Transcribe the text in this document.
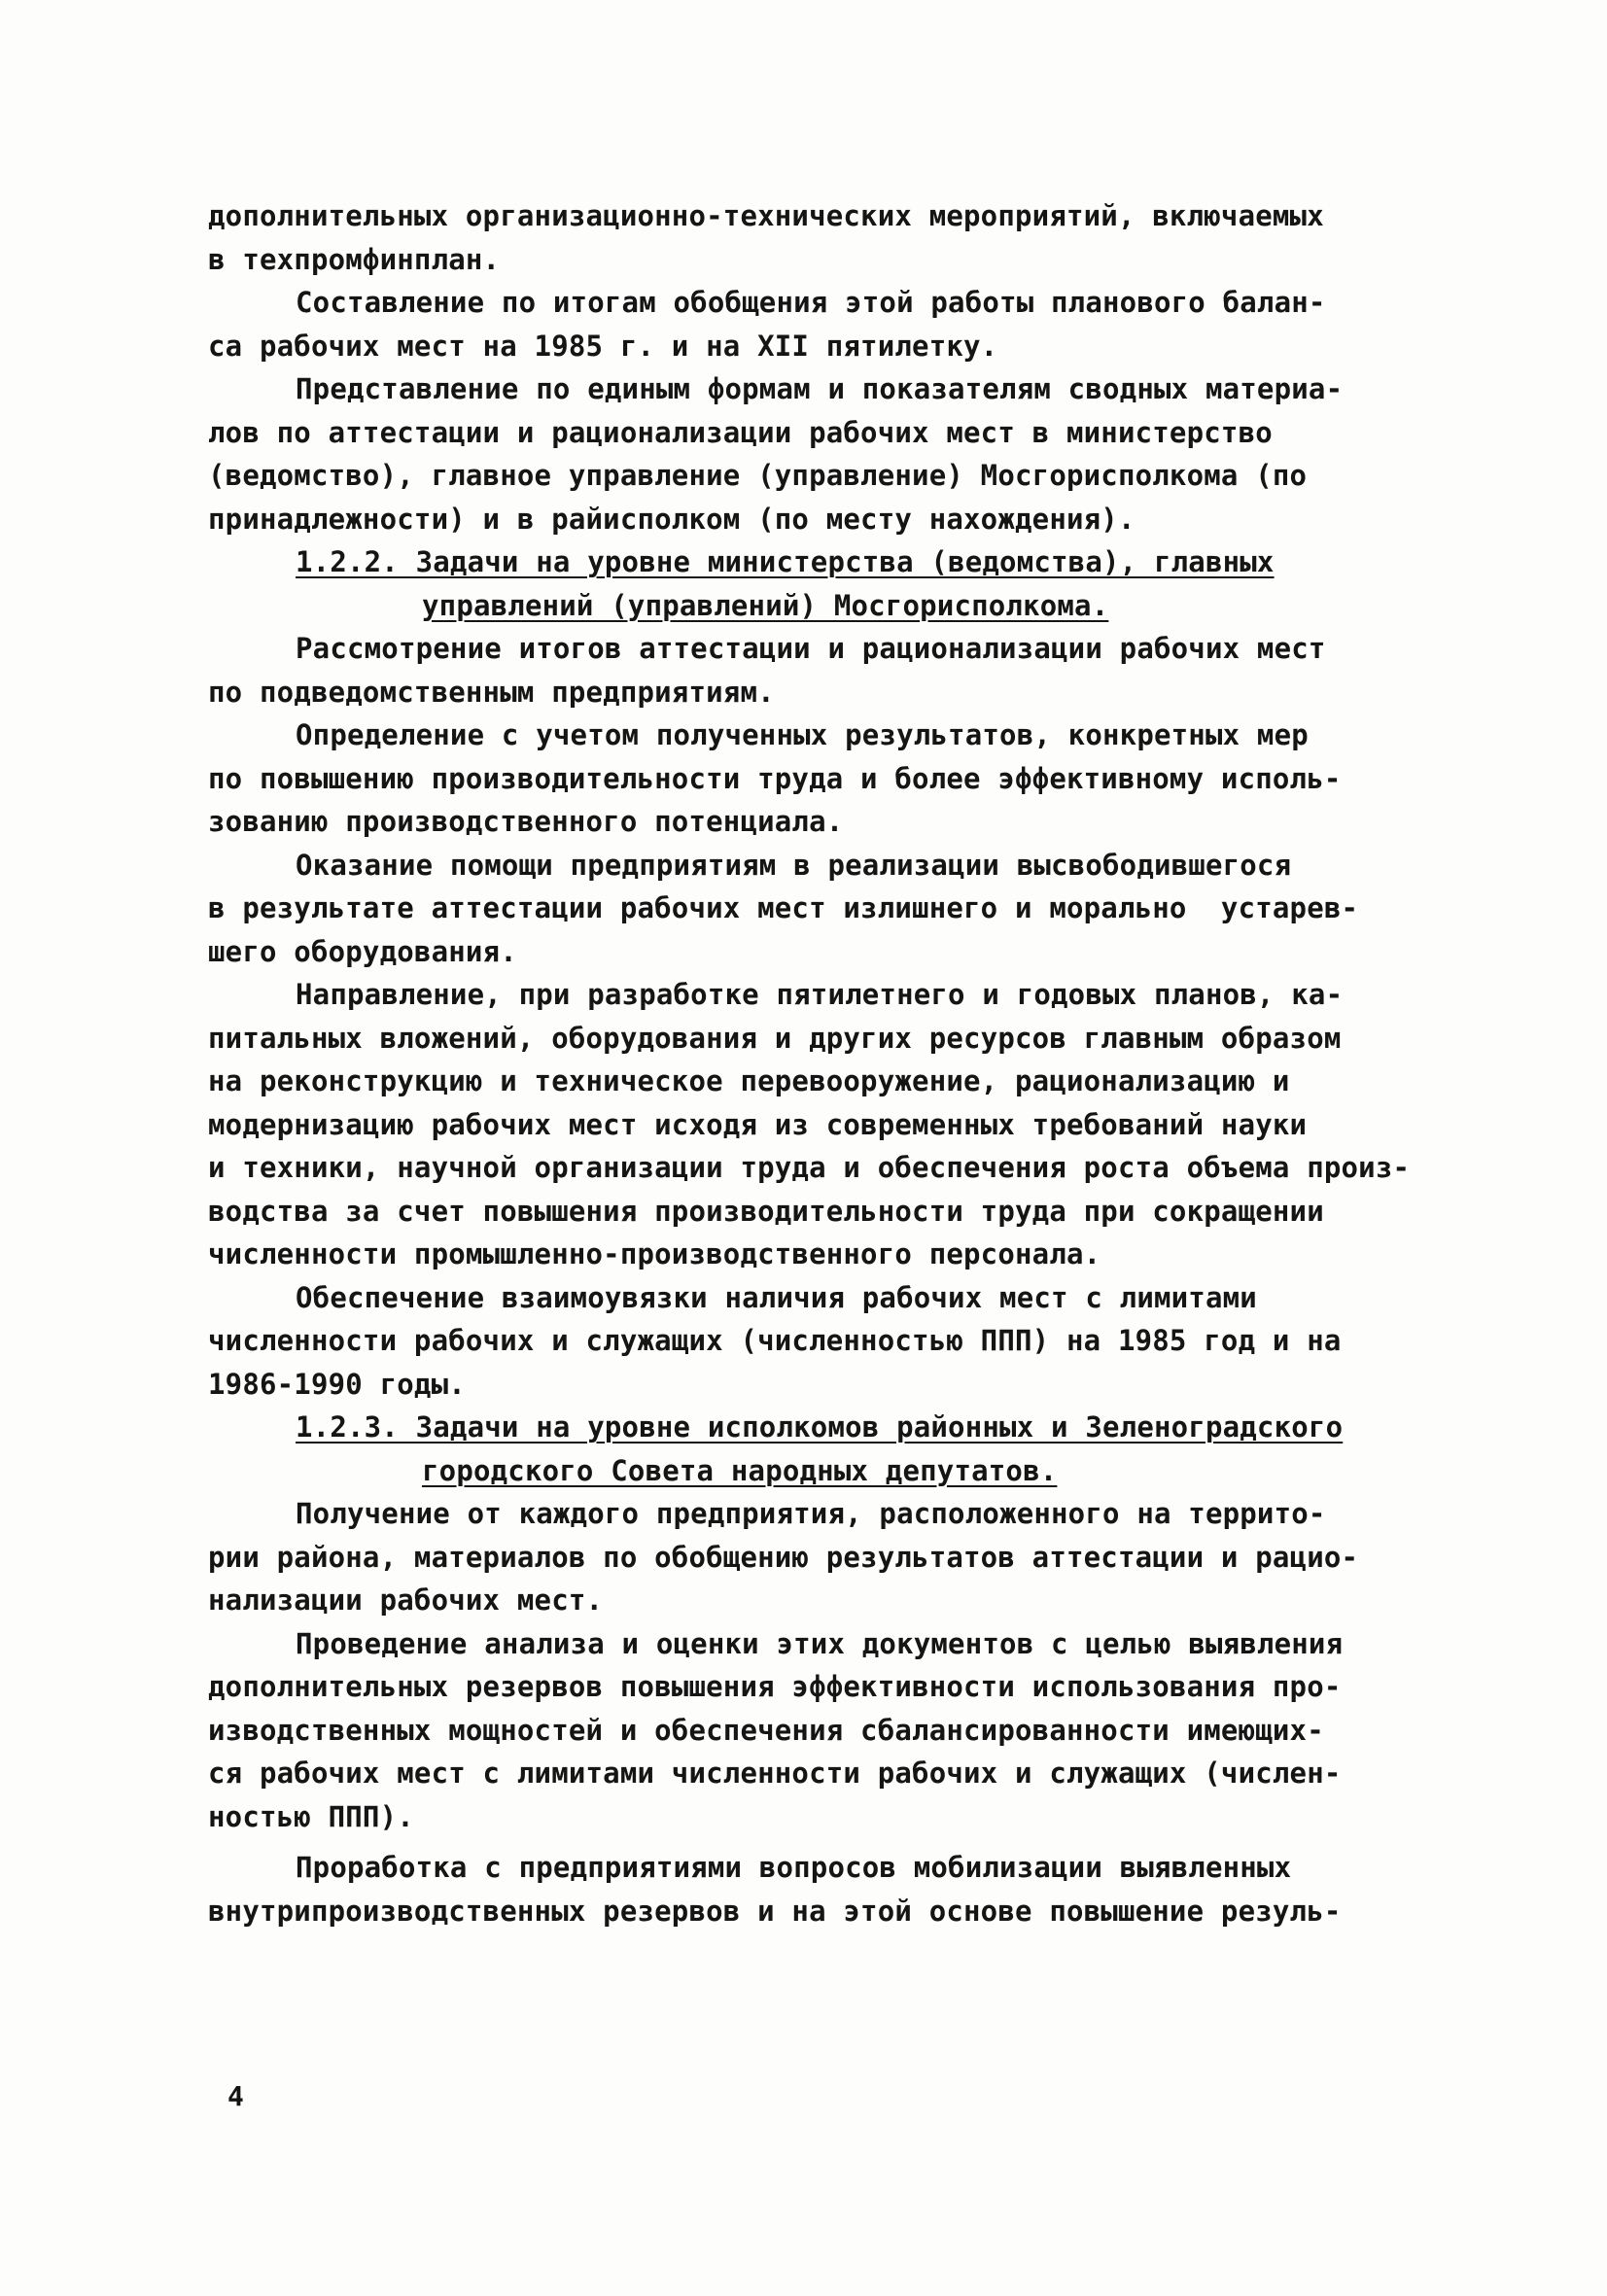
дополнительных организационно-технических мероприятий, включаемых
в техпромфинплан.
Составление по итогам обобщения этой работы планового балан-
са рабочих мест на 1985 г. и на XII пятилетку.
Представление по единым формам и показателям сводных материа-
лов по аттестации и рационализации рабочих мест в министерство
(ведомство), главное управление (управление) Мосгорисполкома (по
принадлежности) и в райисполком (по месту нахождения).
1.2.2. Задачи на уровне министерства (ведомства), главных
управлений (управлений) Мосгорисполкома.
Рассмотрение итогов аттестации и рационализации рабочих мест
по подведомственным предприятиям.
Определение с учетом полученных результатов, конкретных мер
по повышению производительности труда и более эффективному исполь-
зованию производственного потенциала.
Оказание помощи предприятиям в реализации высвободившегося
в результате аттестации рабочих мест излишнего и морально  устарев-
шего оборудования.
Направление, при разработке пятилетнего и годовых планов, ка-
питальных вложений, оборудования и других ресурсов главным образом
на реконструкцию и техническое перевооружение, рационализацию и
модернизацию рабочих мест исходя из современных требований науки
и техники, научной организации труда и обеспечения роста объема произ-
водства за счет повышения производительности труда при сокращении
численности промышленно-производственного персонала.
Обеспечение взаимоувязки наличия рабочих мест с лимитами
численности рабочих и служащих (численностью ППП) на 1985 год и на
1986-1990 годы.
1.2.3. Задачи на уровне исполкомов районных и Зеленоградского
городского Совета народных депутатов.
Получение от каждого предприятия, расположенного на террито-
рии района, материалов по обобщению результатов аттестации и рацио-
нализации рабочих мест.
Проведение анализа и оценки этих документов с целью выявления
дополнительных резервов повышения эффективности использования про-
изводственных мощностей и обеспечения сбалансированности имеющих-
ся рабочих мест с лимитами численности рабочих и служащих (числен-
ностью ППП).
Проработка с предприятиями вопросов мобилизации выявленных
внутрипроизводственных резервов и на этой основе повышение резуль-
4
